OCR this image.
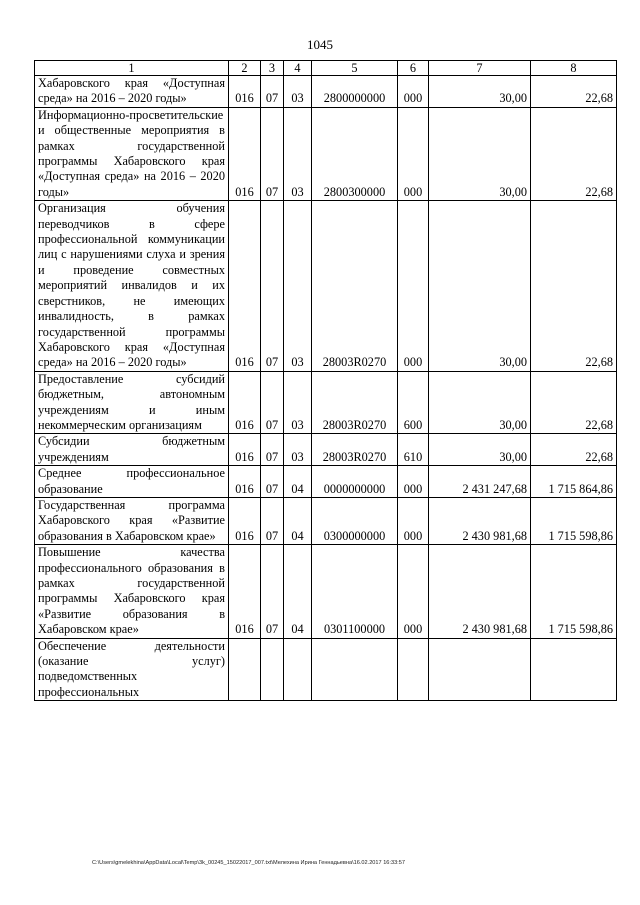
1045
1	2	3	4	5	6	7	8
Хабаровского края «Доступная среда» на 2016 – 2020 годы»	016	07	03	2800000000	000	30,00	22,68
Информационно-просветительские и общественные мероприятия в рамках государственной программы Хабаровского края «Доступная среда» на 2016 – 2020 годы»	016	07	03	2800300000	000	30,00	22,68
Организация обучения переводчиков в сфере профессиональной коммуникации лиц с нарушениями слуха и зрения и проведение совместных мероприятий инвалидов и их сверстников, не имеющих инвалидность, в рамках государственной программы Хабаровского края «Доступная среда» на 2016 – 2020 годы»	016	07	03	28003R0270	000	30,00	22,68
Предоставление субсидий бюджетным, автономным учреждениям и иным некоммерческим организациям	016	07	03	28003R0270	600	30,00	22,68
Субсидии бюджетным учреждениям	016	07	03	28003R0270	610	30,00	22,68
Среднее профессиональное образование	016	07	04	0000000000	000	2 431 247,68	1 715 864,86
Государственная программа Хабаровского края «Развитие образования в Хабаровском крае»	016	07	04	0300000000	000	2 430 981,68	1 715 598,86
Повышение качества профессионального образования в рамках государственной программы Хабаровского края «Развитие образования в Хабаровском крае»	016	07	04	0301100000	000	2 430 981,68	1 715 598,86
Обеспечение деятельности (оказание услуг) подведомственных профессиональных							
C:\Users\gmelekhina\AppData\Local\Temp\3k_00245_15022017_007.txt\Мелехина Ирина Геннадьевна\16.02.2017 16:33:57
